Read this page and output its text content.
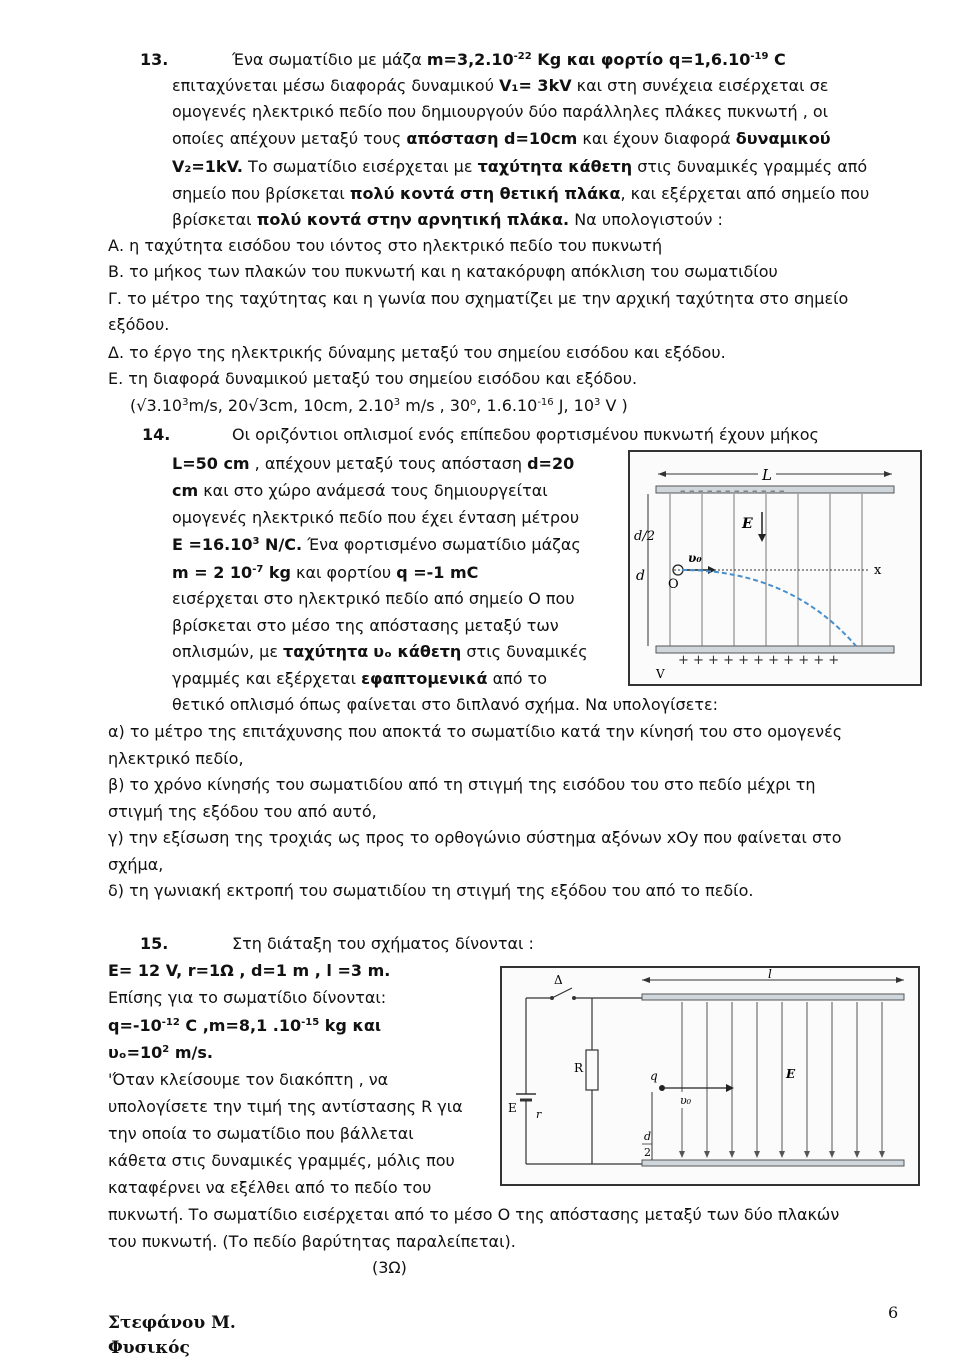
13.	Ένα σωματίδιο με μάζα $m=3,2.10^{-22}$ Kg και φορτίο $q=1,6.10^{-19}$ C
επιταχύνεται μέσω διαφοράς δυναμικού V₁= 3kV και στη συνέχεια εισέρχεται σε
ομογενές ηλεκτρικό πεδίο που δημιουργούν δύο παράλληλες πλάκες πυκνωτή , οι
οποίες απέχουν μεταξύ τους απόσταση d=10cm και έχουν διαφορά δυναμικού
V₂=1kV. Το σωματίδιο εισέρχεται με ταχύτητα κάθετη στις δυναμικές γραμμές από
σημείο που βρίσκεται πολύ κοντά στη θετική πλάκα, και εξέρχεται από σημείο που
βρίσκεται πολύ κοντά στην αρνητική πλάκα. Να υπολογιστούν :
Α. η ταχύτητα εισόδου του ιόντος στο ηλεκτρικό πεδίο του πυκνωτή
Β. το μήκος των πλακών του πυκνωτή και η κατακόρυφη απόκλιση του σωματιδίου
Γ. το μέτρο της ταχύτητας και η γωνία που σχηματίζει με την αρχική ταχύτητα στο σημείο
εξόδου.
Δ. το έργο της ηλεκτρικής δύναμης μεταξύ του σημείου εισόδου και εξόδου.
Ε. τη διαφορά δυναμικού μεταξύ του σημείου εισόδου και εξόδου.
(√3.10$^3$m/s, 20√3cm, 10cm, 2.10$^3$ m/s , $30^o$, $1.6.10^{-16}$ J, $10^3$ V )
14.	Οι οριζόντιοι οπλισμοί ενός επίπεδου φορτισμένου πυκνωτή έχουν μήκος
L=50 cm , απέχουν μεταξύ τους απόσταση d=20
cm και στο χώρο ανάμεσά τους δημιουργείται
ομογενές ηλεκτρικό πεδίο που έχει ένταση μέτρου
$E =16.10^3$ N/C. Ένα φορτισμένο σωματίδιο μάζας
m = 2 $10^{-7}$ kg και φορτίου q =-1 mC
εισέρχεται στο ηλεκτρικό πεδίο από σημείο Ο που
βρίσκεται στο μέσο της απόστασης μεταξύ των
οπλισμών, με ταχύτητα υₒ κάθετη στις δυναμικές
γραμμές και εξέρχεται εφαπτομενικά από το
θετικό οπλισμό όπως φαίνεται στο διπλανό σχήμα. Να υπολογίσετε:
α) το μέτρο της επιτάχυνσης που αποκτά το σωματίδιο κατά την κίνησή του στο ομογενές
ηλεκτρικό πεδίο,
β) το χρόνο κίνησής του σωματιδίου από τη στιγμή της εισόδου του στο πεδίο μέχρι τη
στιγμή της εξόδου του από αυτό,
γ) την εξίσωση της τροχιάς ως προς το ορθογώνιο σύστημα αξόνων xOy που φαίνεται στο
σχήμα,
δ) τη γωνιακή εκτροπή του σωματιδίου τη στιγμή της εξόδου του από το πεδίο.
L
– – – – – – – – – – – –
+ + + + + + + + + + +
E
d/2
d	x
O
υ₀
V
15.	Στη διάταξη του σχήματος δίνονται :
E= 12 V, r=1Ω , d=1 m , l =3 m.
Επίσης για το σωματίδιο δίνονται:
$q=-10^{-12}$ C ,m=8,1 $.10^{-15}$ kg και
$\upsilon_o=10^2$ m/s.
'Όταν κλείσουμε τον διακόπτη , να
υπολογίσετε την τιμή της αντίστασης R για
την οποία το σωματίδιο που βάλλεται
κάθετα στις δυναμικές γραμμές, μόλις που
καταφέρνει να εξέλθει από το πεδίο του
πυκνωτή. Το σωματίδιο εισέρχεται από το μέσο Ο της απόστασης μεταξύ των δύο πλακών
του πυκνωτή. (Το πεδίο βαρύτητας παραλείπεται).
(3Ω)
Δ
E r
R
l
E
q
υ₀
d
2
Στεφάνου Μ.
Φυσικός
6
